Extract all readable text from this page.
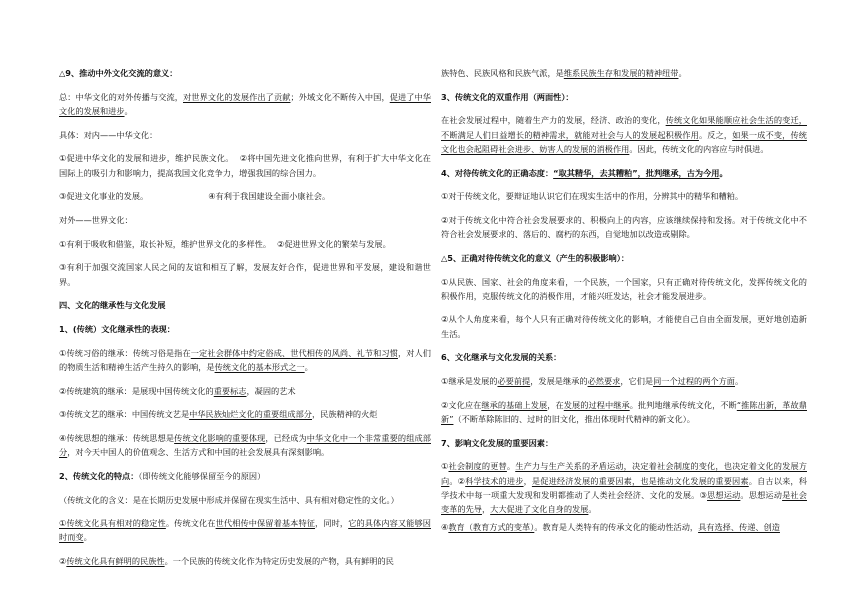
△9、推动中外文化交流的意义：

总：中华文化的对外传播与交流，对世界文化的发展作出了贡献；外域文化不断传入中国，促进了中华文化的发展和进步。

具体：对内——中华文化：

①促进中华文化的发展和进步，维护民族文化。 ②将中国先进文化推向世界，有利于扩大中华文化在国际上的吸引力和影响力，提高我国文化竞争力，增强我国的综合国力。

③促进文化事业的发展。	④有利于我国建设全面小康社会。

对外——世界文化：

①有利于吸收和借鉴，取长补短，维护世界文化的多样性。 ②促进世界文化的繁荣与发展。

③有利于加强交流国家人民之间的友谊和相互了解，发展友好合作，促进世界和平发展，建设和谐世界。

四、文化的继承性与文化发展

1、(传统）文化继承性的表现：

①传统习俗的继承：传统习俗是指在一定社会群体中约定俗成、世代相传的风尚、礼节和习惯，对人们的物质生活和精神生活产生持久的影响，是传统文化的基本形式之一。

②传统建筑的继承：是展现中国传统文化的重要标志，凝固的艺术

③传统文艺的继承：中国传统文艺是中华民族灿烂文化的重要组成部分，民族精神的火炬

④传统思想的继承：传统思想是传统文化影响的重要体现，已经成为中华文化中一个非常重要的组成部分，对今天中国人的价值观念、生活方式和中国的社会发展具有深刻影响。

2、传统文化的特点：（即传统文化能够保留至今的原因）

（传统文化的含义：是在长期历史发展中形成并保留在现实生活中、具有相对稳定性的文化。）

①传统文化具有相对的稳定性。传统文化在世代相传中保留着基本特征，同时，它的具体内容又能够因时而变。

②传统文化具有鲜明的民族性。一个民族的传统文化作为特定历史发展的产物，具有鲜明的民

族特色、民族风格和民族气派，是维系民族生存和发展的精神纽带。

3、传统文化的双重作用（两面性）：

在社会发展过程中，随着生产力的发展，经济、政治的变化，传统文化如果能顺应社会生活的变迁，不断满足人们日益增长的精神需求，就能对社会与人的发展起积极作用。反之，如果一成不变，传统文化也会起阻碍社会进步、妨害人的发展的消极作用。因此，传统文化的内容应与时俱进。

4、对待传统文化的正确态度：“取其精华，去其糟粕”，批判继承，古为今用。

①对于传统文化，要辩证地认识它们在现实生活中的作用，分辨其中的精华和糟粕。

②对于传统文化中符合社会发展要求的、积极向上的内容，应该继续保持和发扬。对于传统文化中不符合社会发展要求的、落后的、腐朽的东西，自觉地加以改造或剔除。

△5、正确对待传统文化的意义（产生的积极影响）：

①从民族、国家、社会的角度来看，一个民族，一个国家，只有正确对待传统文化，发挥传统文化的积极作用，克服传统文化的消极作用，才能兴旺发达，社会才能发展进步。

②从个人角度来看，每个人只有正确对待传统文化的影响，才能使自己自由全面发展，更好地创造新生活。

6、文化继承与文化发展的关系：

①继承是发展的必要前提，发展是继承的必然要求，它们是同一个过程的两个方面。

②文化应在继承的基础上发展，在发展的过程中继承。批判地继承传统文化，不断“推陈出新，革故鼎新”（不断革除陈旧的、过时的旧文化，推出体现时代精神的新文化）。

7、影响文化发展的重要因素：

①社会制度的更替。生产力与生产关系的矛盾运动，决定着社会制度的变化，也决定着文化的发展方向。②科学技术的进步，是促进经济发展的重要因素，也是推动文化发展的重要因素。自古以来，科学技术中每一项重大发现和发明都推动了人类社会经济、文化的发展。③思想运动。思想运动是社会变革的先导，大大促进了文化自身的发展。

④教育（教育方式的变革）。教育是人类特有的传承文化的能动性活动，具有选择、传递、创造
